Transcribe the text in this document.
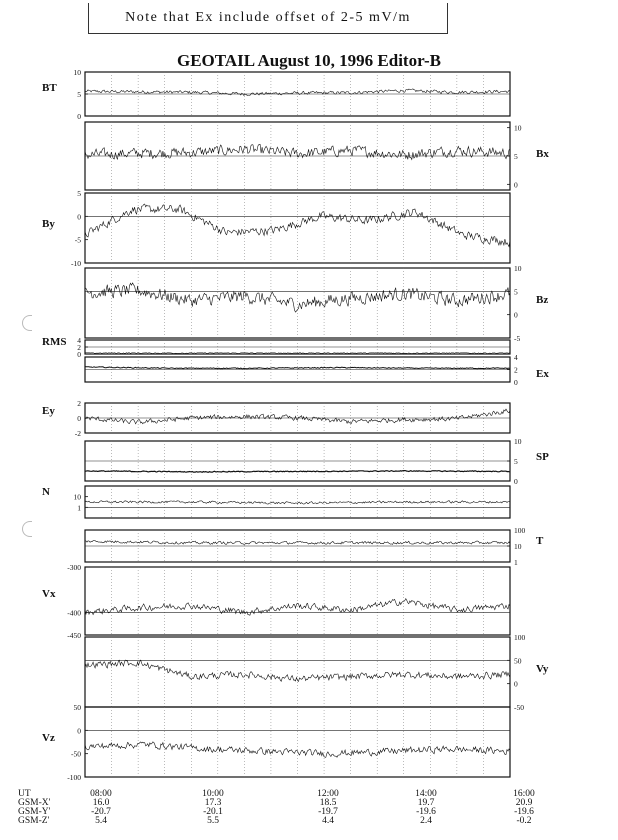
Note that Ex include offset of 2-5 mV/m
GEOTAIL August 10, 1996 Editor-B
10
5
0
BT
10
5
0
Bx
5
0
-5
-10
By
10
5
0
-5
Bz
4
2
0
RMS
4
2
0
Ex
2
0
-2
Ey
10
5
0
SP
10
1
N
100
10
1
T
-300
-400
-450
Vx
100
50
0
-50
Vy
50
0
-50
-100
Vz
UT	08:00	10:00	12:00	14:00	16:00
GSM-X'	16.0	17.3	18.5	19.7	20.9
GSM-Y'	-20.7	-20.1	-19.7	-19.6	-19.6
GSM-Z'	5.4	5.5	4.4	2.4	-0.2
